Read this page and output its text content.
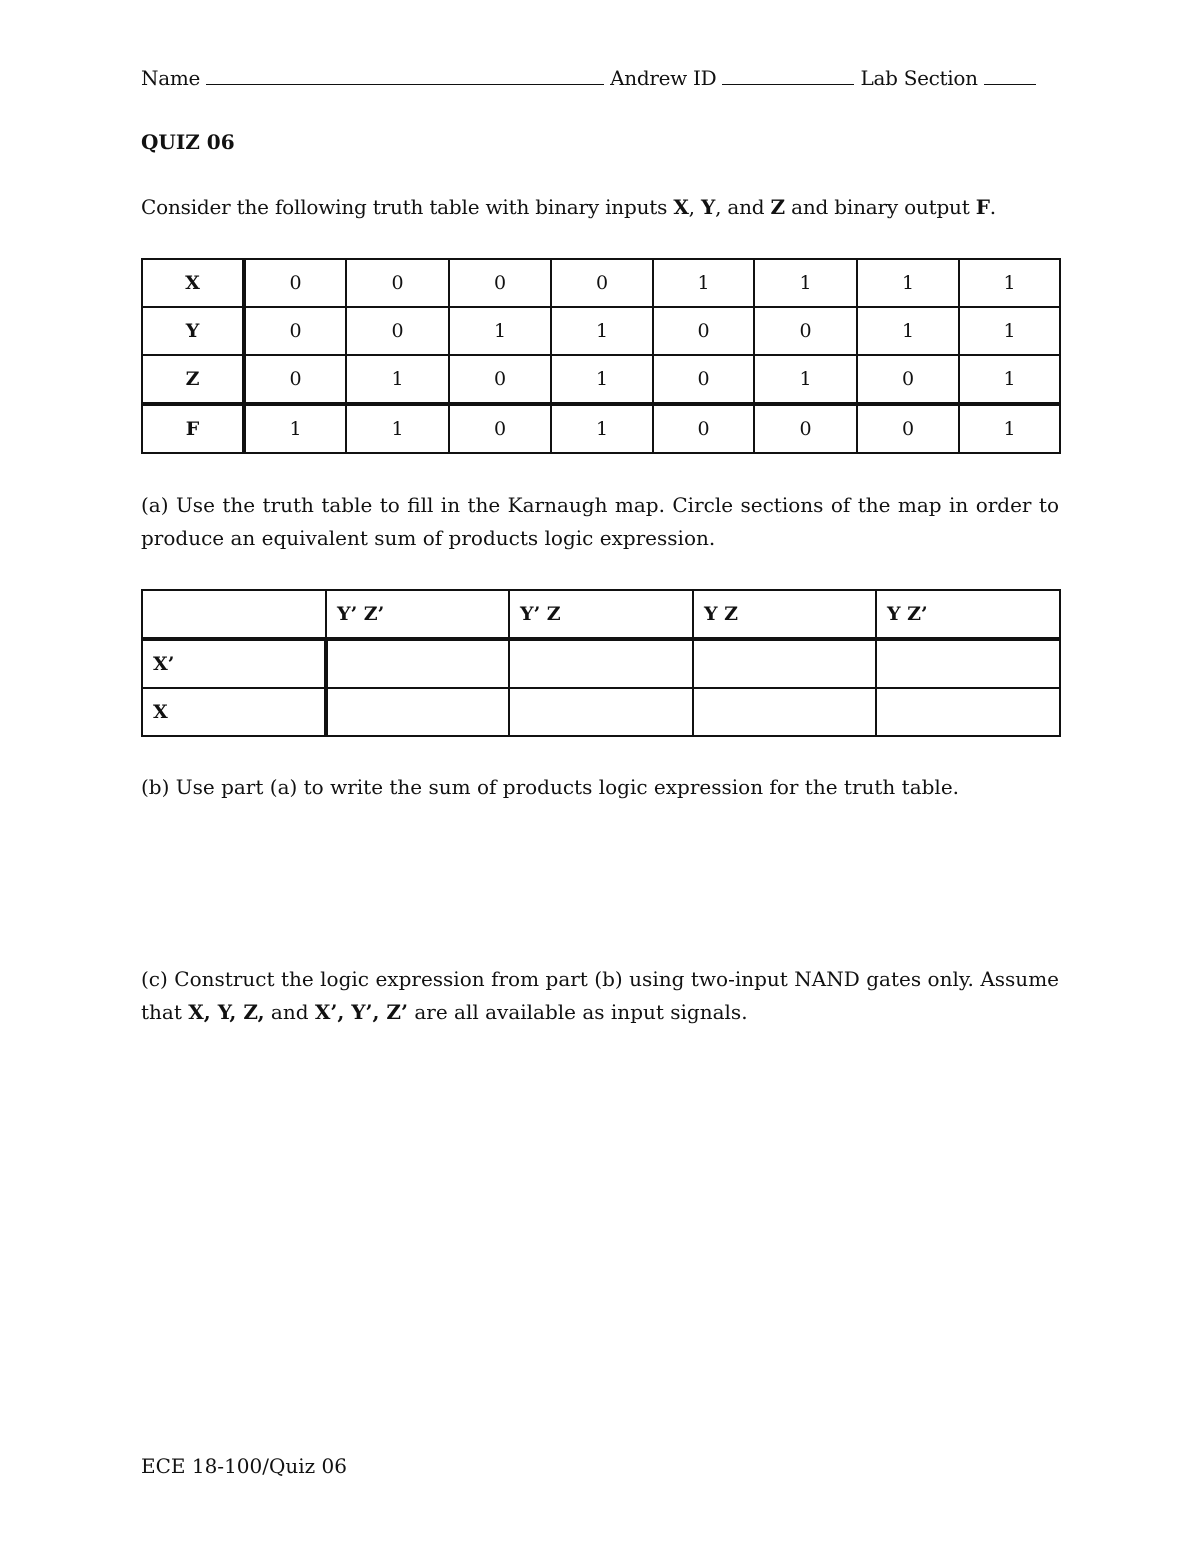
Name	Andrew ID	Lab Section
QUIZ 06
Consider the following truth table with binary inputs X, Y, and Z and binary output F.
X	0	0	0	0	1	1	1	1
Y	0	0	1	1	0	0	1	1
Z	0	1	0	1	0	1	0	1
F	1	1	0	1	0	0	0	1
(a) Use the truth table to fill in the Karnaugh map. Circle sections of the map in order to produce an equivalent sum of products logic expression.
	Y’ Z’	Y’ Z	Y Z	Y Z’
X’				
X				
(b) Use part (a) to write the sum of products logic expression for the truth table.
(c) Construct the logic expression from part (b) using two-input NAND gates only. Assume that X, Y, Z, and X’, Y’, Z’ are all available as input signals.
ECE 18-100/Quiz 06
